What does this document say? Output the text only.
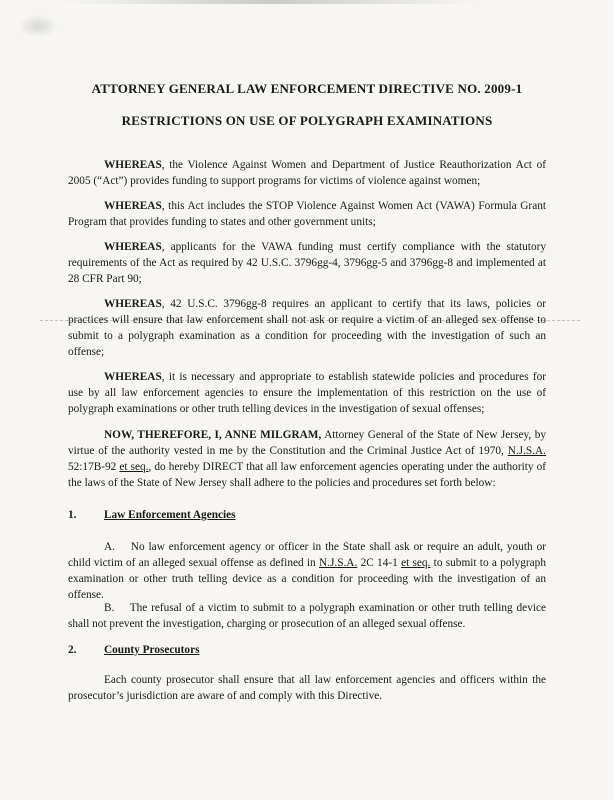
ATTORNEY GENERAL LAW ENFORCEMENT DIRECTIVE NO. 2009-1
RESTRICTIONS ON USE OF POLYGRAPH EXAMINATIONS
WHEREAS, the Violence Against Women and Department of Justice Reauthorization Act of 2005 (“Act”) provides funding to support programs for victims of violence against women;
WHEREAS, this Act includes the STOP Violence Against Women Act (VAWA) Formula Grant Program that provides funding to states and other government units;
WHEREAS, applicants for the VAWA funding must certify compliance with the statutory requirements of the Act as required by 42 U.S.C. 3796gg-4, 3796gg-5 and 3796gg-8 and implemented at 28 CFR Part 90;
WHEREAS, 42 U.S.C. 3796gg-8 requires an applicant to certify that its laws, policies or practices will ensure that law enforcement shall not ask or require a victim of an alleged sex offense to submit to a polygraph examination as a condition for proceeding with the investigation of such an offense;
WHEREAS, it is necessary and appropriate to establish statewide policies and procedures for use by all law enforcement agencies to ensure the implementation of this restriction on the use of polygraph examinations or other truth telling devices in the investigation of sexual offenses;
NOW, THEREFORE, I, ANNE MILGRAM, Attorney General of the State of New Jersey, by virtue of the authority vested in me by the Constitution and the Criminal Justice Act of 1970, N.J.S.A. 52:17B-92 et seq., do hereby DIRECT that all law enforcement agencies operating under the authority of the laws of the State of New Jersey shall adhere to the policies and procedures set forth below:
1. Law Enforcement Agencies
A. No law enforcement agency or officer in the State shall ask or require an adult, youth or child victim of an alleged sexual offense as defined in N.J.S.A. 2C 14-1 et seq. to submit to a polygraph examination or other truth telling device as a condition for proceeding with the investigation of an offense.
B. The refusal of a victim to submit to a polygraph examination or other truth telling device shall not prevent the investigation, charging or prosecution of an alleged sexual offense.
2. County Prosecutors
Each county prosecutor shall ensure that all law enforcement agencies and officers within the prosecutor’s jurisdiction are aware of and comply with this Directive.
